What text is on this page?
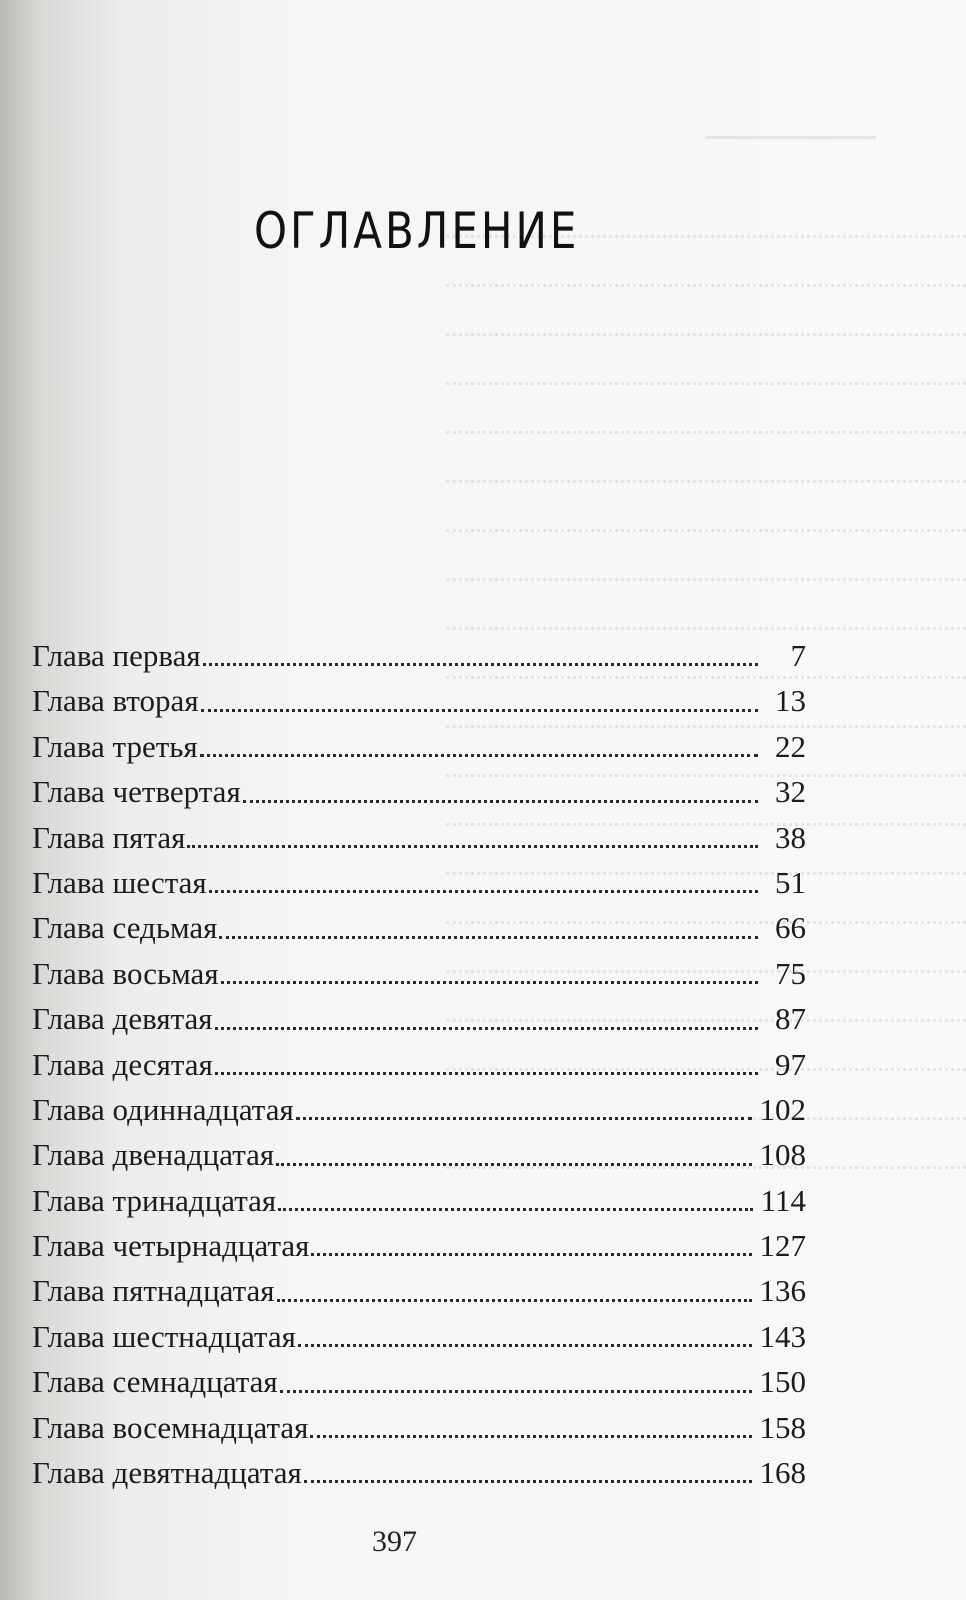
ОГЛАВЛЕНИЕ
Глава первая	7
Глава вторая	13
Глава третья	22
Глава четвертая	32
Глава пятая	38
Глава шестая	51
Глава седьмая	66
Глава восьмая	75
Глава девятая	87
Глава десятая	97
Глава одиннадцатая	102
Глава двенадцатая	108
Глава тринадцатая	114
Глава четырнадцатая	127
Глава пятнадцатая	136
Глава шестнадцатая	143
Глава семнадцатая	150
Глава восемнадцатая	158
Глава девятнадцатая	168
397
